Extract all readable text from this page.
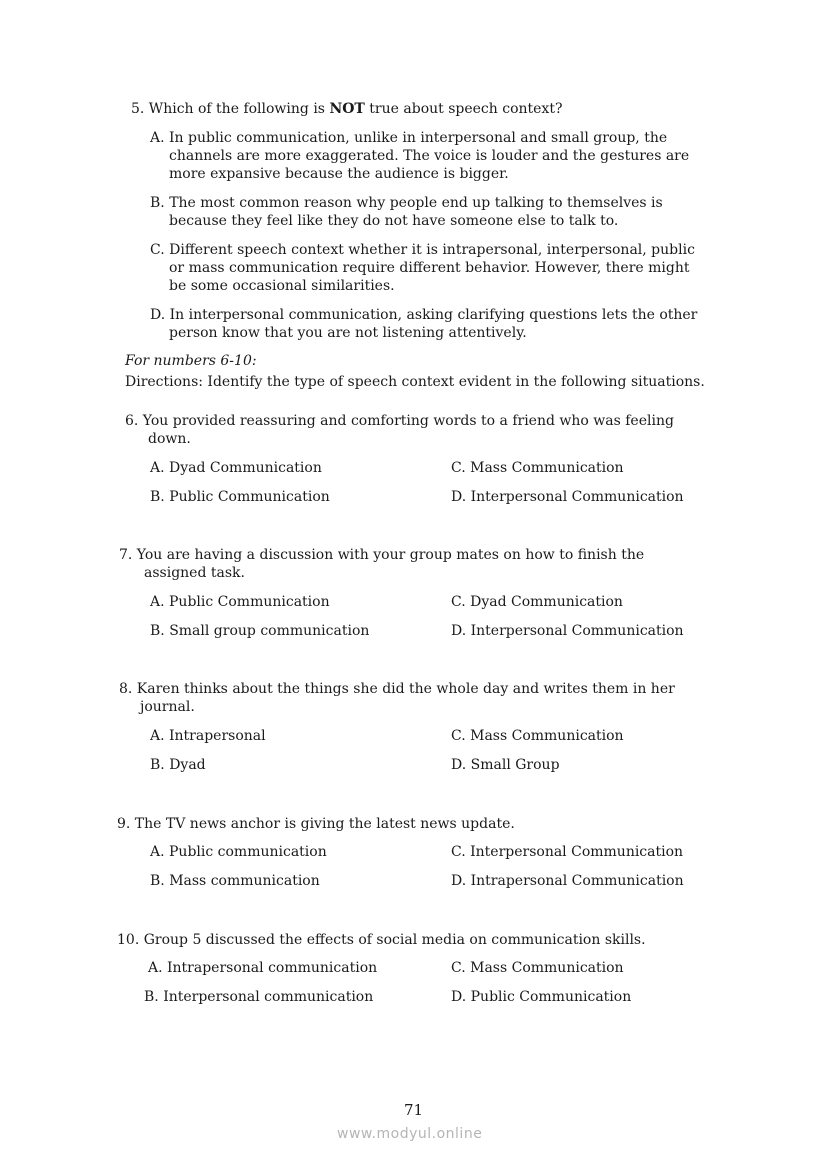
5. Which of the following is NOT true about speech context?
A. In public communication, unlike in interpersonal and small group, the
channels are more exaggerated. The voice is louder and the gestures are
more expansive because the audience is bigger.
B. The most common reason why people end up talking to themselves is
because they feel like they do not have someone else to talk to.
C. Different speech context whether it is intrapersonal, interpersonal, public
or mass communication require different behavior. However, there might
be some occasional similarities.
D. In interpersonal communication, asking clarifying questions lets the other
person know that you are not listening attentively.
For numbers 6-10:
Directions: Identify the type of speech context evident in the following situations.
6. You provided reassuring and comforting words to a friend who was feeling
down.
A. Dyad Communication
B. Public Communication
C. Mass Communication
D. Interpersonal Communication
7. You are having a discussion with your group mates on how to finish the
assigned task.
A. Public Communication
B. Small group communication
C. Dyad Communication
D. Interpersonal Communication
8. Karen thinks about the things she did the whole day and writes them in her
journal.
A. Intrapersonal
B. Dyad
C. Mass Communication
D. Small Group
9. The TV news anchor is giving the latest news update.
A. Public communication
B. Mass communication
C. Interpersonal Communication
D. Intrapersonal Communication
10. Group 5 discussed the effects of social media on communication skills.
A. Intrapersonal communication
B. Interpersonal communication
C. Mass Communication
D. Public Communication
71
www.modyul.online
